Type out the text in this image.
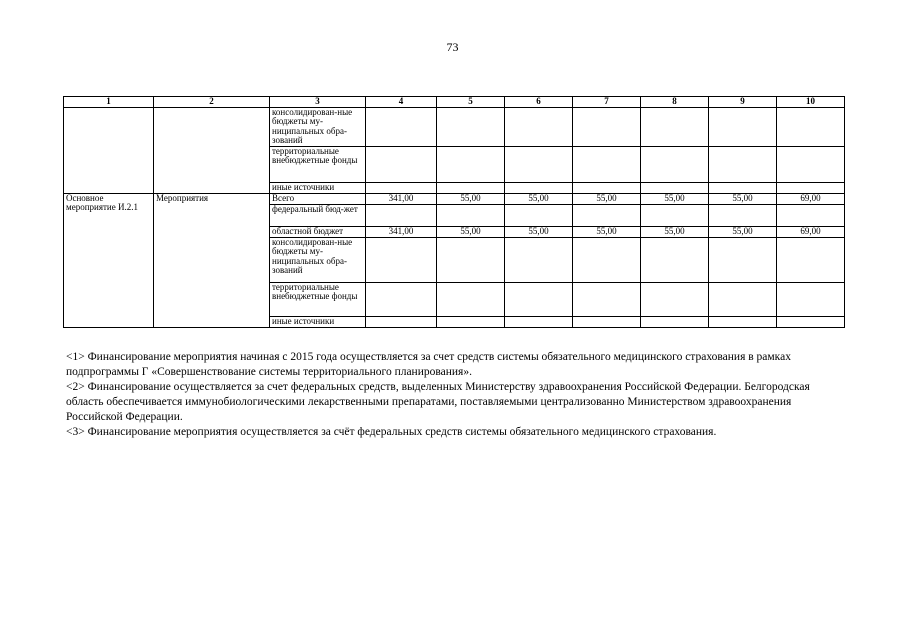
73
1	2	3	4	5	6	7	8	9	10
		консолидирован-ные бюджеты му-ниципальных обра-зований							
		территориальные внебюджетные фонды							
		иные источники							
Основное мероприятие И.2.1	Мероприятия	Всего	341,00	55,00	55,00	55,00	55,00	55,00	69,00
		федеральный бюд-жет							
		областной бюджет	341,00	55,00	55,00	55,00	55,00	55,00	69,00
		консолидирован-ные бюджеты му-ниципальных обра-зований							
		территориальные внебюджетные фонды							
		иные источники							

<1> Финансирование мероприятия начиная с 2015 года осуществляется за счет средств системы обязательного медицинского страхования в рамках подпрограммы Г «Совершенствование системы территориального планирования».

<2> Финансирование осуществляется за счет федеральных средств, выделенных Министерству здравоохранения Российской Федерации. Белгородская область обеспечивается иммунобиологическими лекарственными препаратами, поставляемыми централизованно Министерством здравоохранения Российской Федерации.

<3> Финансирование мероприятия осуществляется за счёт федеральных средств системы обязательного медицинского страхования.
